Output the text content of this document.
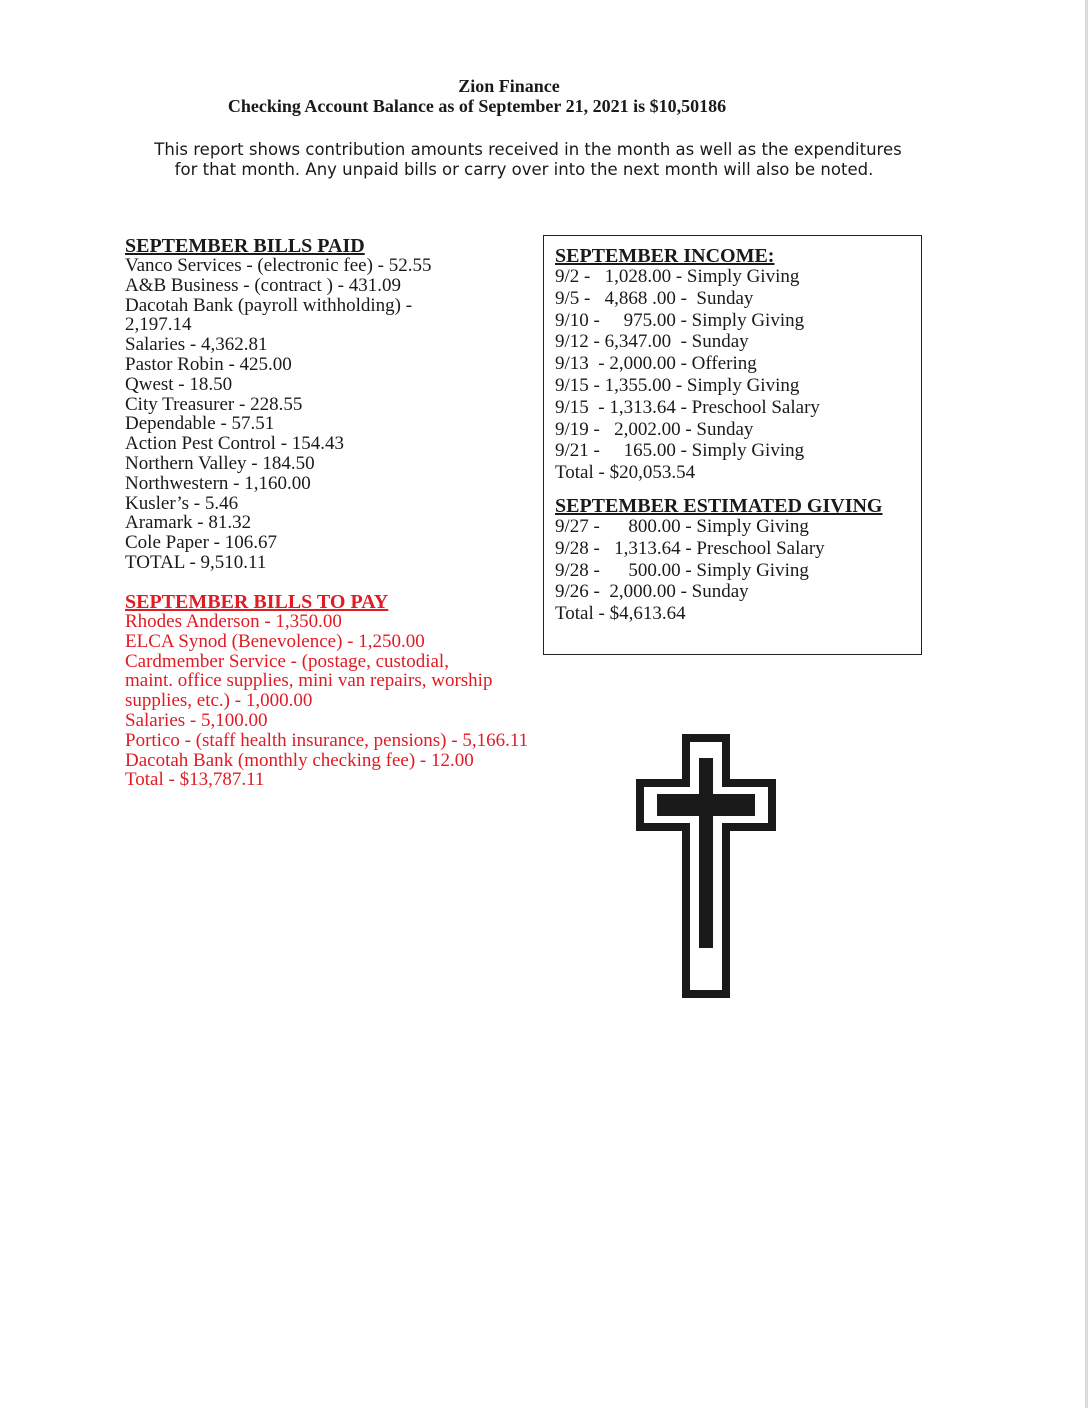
Zion Finance
Checking Account Balance as of September 21, 2021 is $10,50186
This report shows contribution amounts received in the month as well as the expenditures
for that month. Any unpaid bills or carry over into the next month will also be noted.
SEPTEMBER BILLS PAID
Vanco Services - (electronic fee) - 52.55
A&B Business - (contract ) - 431.09
Dacotah Bank (payroll withholding) - 2,197.14
Salaries - 4,362.81
Pastor Robin - 425.00
Qwest - 18.50
City Treasurer - 228.55
Dependable - 57.51
Action Pest Control - 154.43
Northern Valley - 184.50
Northwestern - 1,160.00
Kusler’s - 5.46
Aramark - 81.32
Cole Paper - 106.67
TOTAL - 9,510.11
SEPTEMBER BILLS TO PAY
Rhodes Anderson - 1,350.00
ELCA Synod (Benevolence) - 1,250.00
Cardmember Service - (postage, custodial, maint. office supplies, mini van repairs, worship supplies, etc.) - 1,000.00
Salaries - 5,100.00
Portico - (staff health insurance, pensions) - 5,166.11
Dacotah Bank (monthly checking fee) - 12.00
Total - $13,787.11
SEPTEMBER INCOME:
9/2 -   1,028.00 - Simply Giving
9/5 -   4,868 .00 -  Sunday
9/10 -     975.00 - Simply Giving
9/12 - 6,347.00  - Sunday
9/13  - 2,000.00 - Offering
9/15 - 1,355.00 - Simply Giving
9/15  - 1,313.64 - Preschool Salary
9/19 -   2,002.00 - Sunday
9/21 -     165.00 - Simply Giving
Total - $20,053.54
SEPTEMBER ESTIMATED GIVING
9/27 -      800.00 - Simply Giving
9/28 -   1,313.64 - Preschool Salary
9/28 -      500.00 - Simply Giving
9/26 -  2,000.00 - Sunday
Total - $4,613.64
